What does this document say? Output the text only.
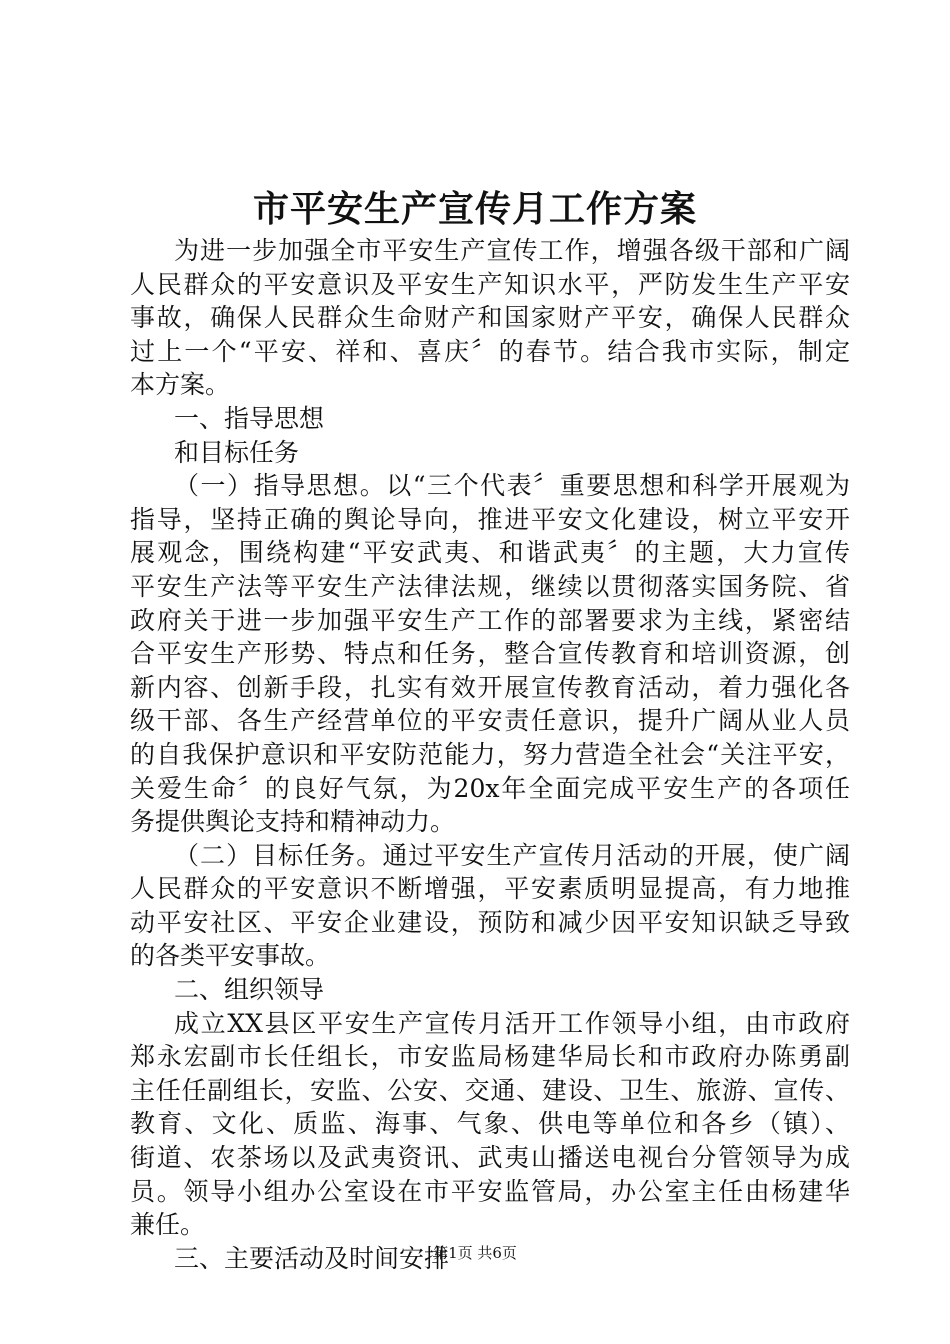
市平安生产宣传月工作方案
为进一步加强全市平安生产宣传工作，增强各级干部和广阔
人民群众的平安意识及平安生产知识水平，严防发生生产平安
事故，确保人民群众生命财产和国家财产平安，确保人民群众
过上一个“平安、祥和、喜庆〞的春节。结合我市实际，制定
本方案。
一、指导思想
和目标任务
（一）指导思想。以“三个代表〞重要思想和科学开展观为
指导，坚持正确的舆论导向，推进平安文化建设，树立平安开
展观念，围绕构建“平安武夷、和谐武夷〞的主题，大力宣传
平安生产法等平安生产法律法规，继续以贯彻落实国务院、省
政府关于进一步加强平安生产工作的部署要求为主线，紧密结
合平安生产形势、特点和任务，整合宣传教育和培训资源，创
新内容、创新手段，扎实有效开展宣传教育活动，着力强化各
级干部、各生产经营单位的平安责任意识，提升广阔从业人员
的自我保护意识和平安防范能力，努力营造全社会“关注平安，
关爱生命〞的良好气氛，为20x年全面完成平安生产的各项任
务提供舆论支持和精神动力。
（二）目标任务。通过平安生产宣传月活动的开展，使广阔
人民群众的平安意识不断增强，平安素质明显提高，有力地推
动平安社区、平安企业建设，预防和减少因平安知识缺乏导致
的各类平安事故。
二、组织领导
成立XX县区平安生产宣传月活开工作领导小组，由市政府
郑永宏副市长任组长，市安监局杨建华局长和市政府办陈勇副
主任任副组长，安监、公安、交通、建设、卫生、旅游、宣传、
教育、文化、质监、海事、气象、供电等单位和各乡（镇）、
街道、农茶场以及武夷资讯、武夷山播送电视台分管领导为成
员。领导小组办公室设在市平安监管局，办公室主任由杨建华
兼任。
三、主要活动及时间安排
第1页 共6页
